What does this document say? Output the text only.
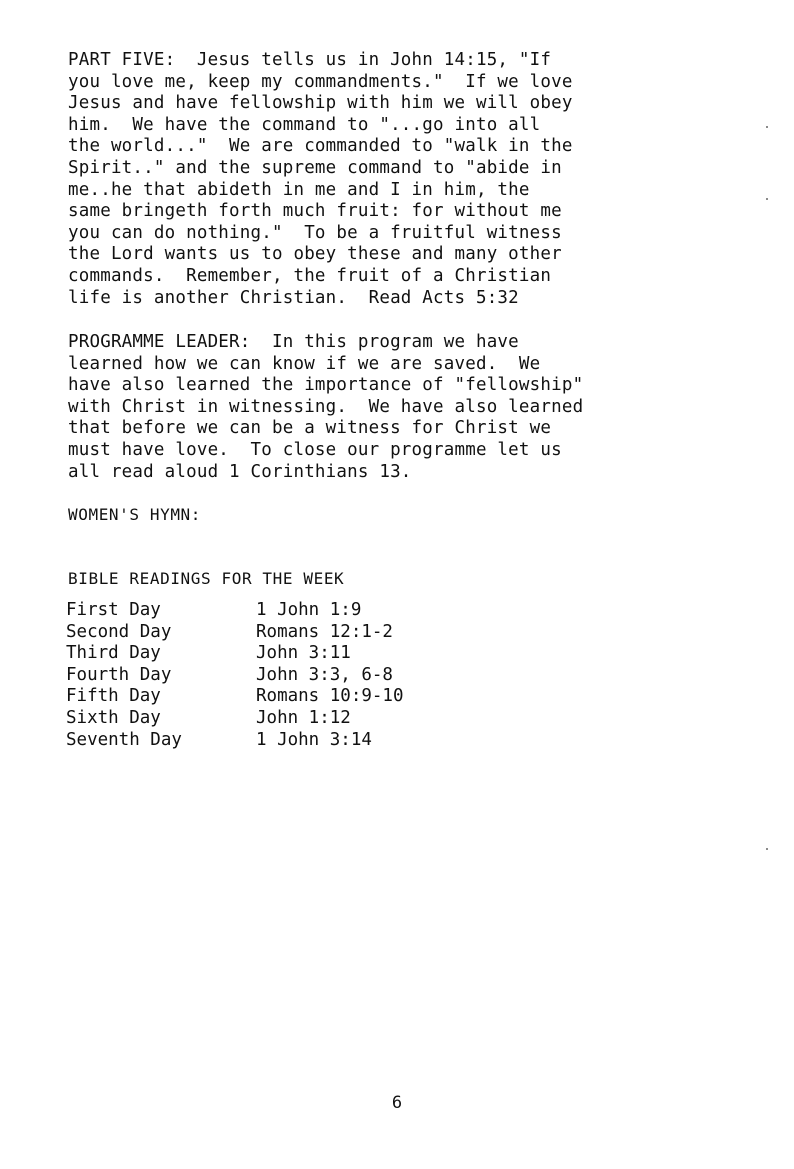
PART FIVE:  Jesus tells us in John 14:15, "If
you love me, keep my commandments."  If we love
Jesus and have fellowship with him we will obey
him.  We have the command to "...go into all
the world..."  We are commanded to "walk in the
Spirit.." and the supreme command to "abide in
me..he that abideth in me and I in him, the
same bringeth forth much fruit: for without me
you can do nothing."  To be a fruitful witness
the Lord wants us to obey these and many other
commands.  Remember, the fruit of a Christian
life is another Christian.  Read Acts 5:32
PROGRAMME LEADER:  In this program we have
learned how we can know if we are saved.  We
have also learned the importance of "fellowship"
with Christ in witnessing.  We have also learned
that before we can be a witness for Christ we
must have love.  To close our programme let us
all read aloud 1 Corinthians 13.
WOMEN'S HYMN:
BIBLE READINGS FOR THE WEEK
First Day	1 John 1:9
Second Day	Romans 12:1-2
Third Day	John 3:11
Fourth Day	John 3:3, 6-8
Fifth Day	Romans 10:9-10
Sixth Day	John 1:12
Seventh Day	1 John 3:14
6
